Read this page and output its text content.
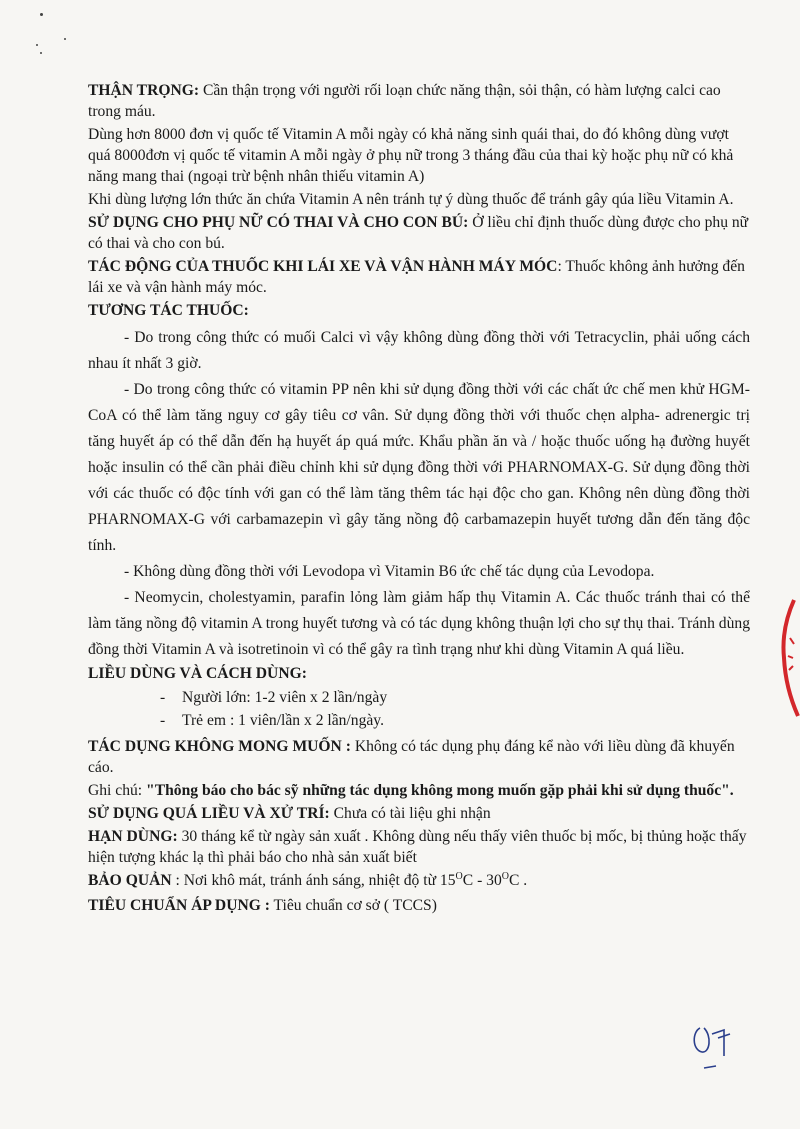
THẬN TRỌNG: Cần thận trọng với người rối loạn chức năng thận, sỏi thận, có hàm lượng calci cao trong máu.

Dùng hơn 8000 đơn vị quốc tế Vitamin A mỗi ngày có khả năng sinh quái thai, do đó không dùng vượt quá 8000đơn vị quốc tế vitamin A mỗi ngày ở phụ nữ trong 3 tháng đầu của thai kỳ hoặc phụ nữ có khả năng mang thai (ngoại trừ bệnh nhân thiếu vitamin A)

Khi dùng lượng lớn thức ăn chứa Vitamin A nên tránh tự ý dùng thuốc để tránh gây qúa liều Vitamin A.

SỬ DỤNG CHO PHỤ NỮ CÓ THAI VÀ CHO CON BÚ: Ở liều chỉ định thuốc dùng được cho phụ nữ có thai và cho con bú.

TÁC ĐỘNG CỦA THUỐC KHI LÁI XE VÀ VẬN HÀNH MÁY MÓC: Thuốc không ảnh hưởng đến lái xe và vận hành máy móc.

TƯƠNG TÁC THUỐC:

- Do trong công thức có muối Calci vì vậy không dùng đồng thời với Tetracyclin, phải uống cách nhau ít nhất 3 giờ.

- Do trong công thức có vitamin PP nên khi sử dụng đồng thời với các chất ức chế men khử HGM-CoA có thể làm tăng nguy cơ gây tiêu cơ vân. Sử dụng đồng thời với thuốc chẹn alpha- adrenergic trị tăng huyết áp có thể dẫn đến hạ huyết áp quá mức. Khẩu phần ăn và / hoặc thuốc uống hạ đường huyết hoặc insulin có thể cần phải điều chỉnh khi sử dụng đồng thời với PHARNOMAX-G. Sử dụng đồng thời với các thuốc có độc tính với gan có thể làm tăng thêm tác hại độc cho gan. Không nên dùng đồng thời PHARNOMAX-G với carbamazepin vì gây tăng nồng độ carbamazepin huyết tương dẫn đến tăng độc tính.

- Không dùng đồng thời với Levodopa vì Vitamin B6 ức chế tác dụng của Levodopa.

- Neomycin, cholestyamin, parafin lỏng làm giảm hấp thụ Vitamin A. Các thuốc tránh thai có thể làm tăng nồng độ vitamin A trong huyết tương và có tác dụng không thuận lợi cho sự thụ thai. Tránh dùng đồng thời Vitamin A và isotretinoin vì có thể gây ra tình trạng như khi dùng Vitamin A quá liều.

LIỀU DÙNG VÀ CÁCH DÙNG:

- Người lớn: 1-2 viên x 2 lần/ngày

- Trẻ em : 1 viên/lần x 2 lần/ngày.

TÁC DỤNG KHÔNG MONG MUỐN : Không có tác dụng phụ đáng kể nào với liều dùng đã khuyến cáo.

Ghi chú: "Thông báo cho bác sỹ những tác dụng không mong muốn gặp phải khi sử dụng thuốc".

SỬ DỤNG QUÁ LIỀU VÀ XỬ TRÍ: Chưa có tài liệu ghi nhận

HẠN DÙNG: 30 tháng kể từ ngày sản xuất . Không dùng nếu thấy viên thuốc bị mốc, bị thủng hoặc thấy hiện tượng khác lạ thì phải báo cho nhà sản xuất biết

BẢO QUẢN : Nơi khô mát, tránh ánh sáng, nhiệt độ từ $15^OC - 30^OC$ .

TIÊU CHUẨN ÁP DỤNG : Tiêu chuẩn cơ sở ( TCCS)
